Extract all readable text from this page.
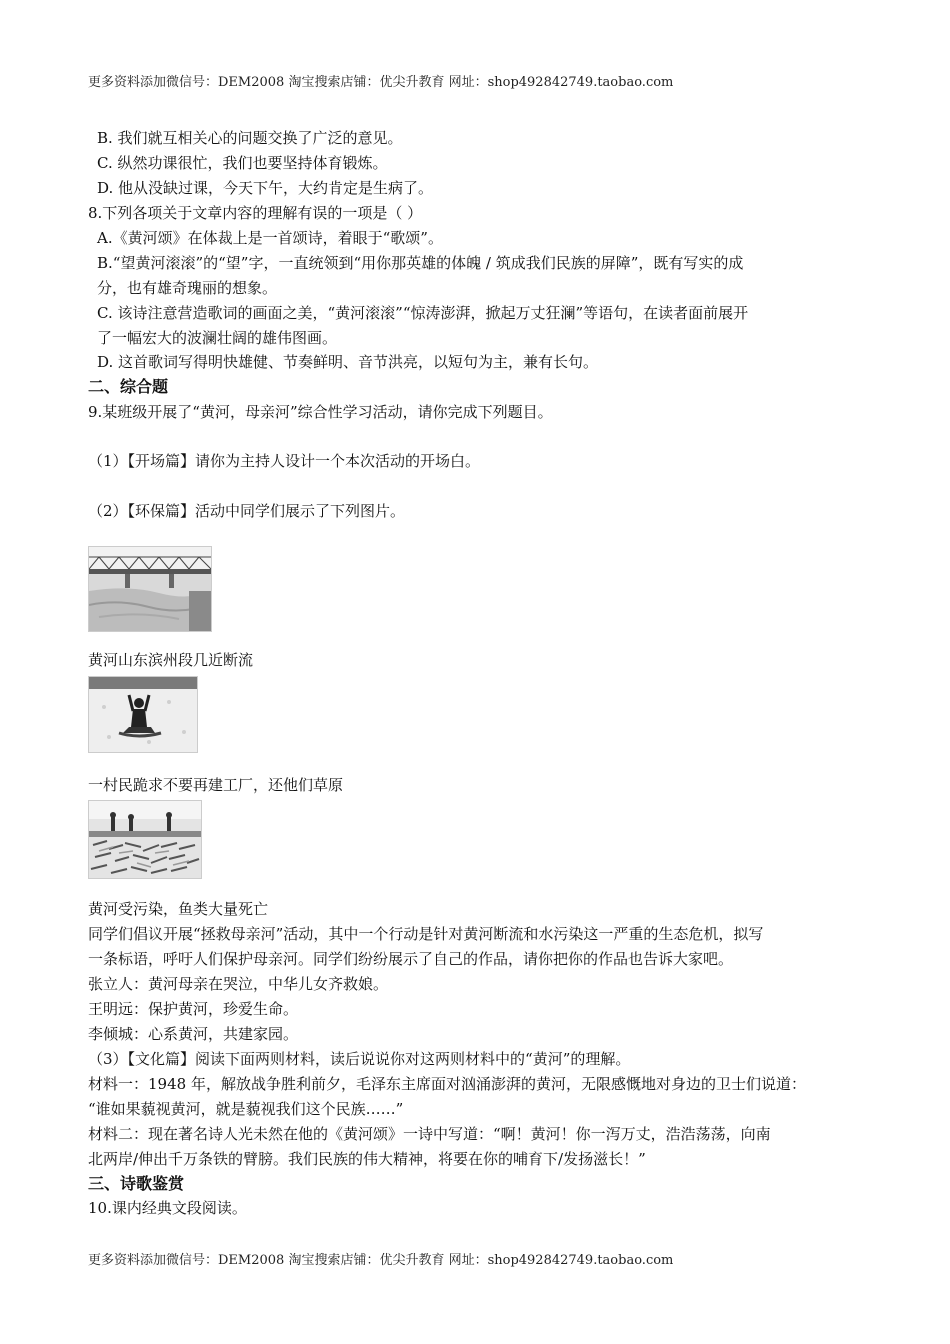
更多资料添加微信号：DEM2008 淘宝搜索店铺：优尖升教育 网址：shop492842749.taobao.com
B. 我们就互相关心的问题交换了广泛的意见。
C. 纵然功课很忙，我们也要坚持体育锻炼。
D. 他从没缺过课，今天下午，大约肯定是生病了。
8.下列各项关于文章内容的理解有误的一项是（ ）
A.《黄河颂》在体裁上是一首颂诗，着眼于“歌颂”。
B.“望黄河滚滚”的“望”字，一直统领到“用你那英雄的体魄 / 筑成我们民族的屏障”，既有写实的成
分，也有雄奇瑰丽的想象。
C. 该诗注意营造歌词的画面之美，“黄河滚滚”“惊涛澎湃，掀起万丈狂澜”等语句，在读者面前展开
了一幅宏大的波澜壮阔的雄伟图画。
D. 这首歌词写得明快雄健、节奏鲜明、音节洪亮，以短句为主，兼有长句。
二、综合题
9.某班级开展了“黄河，母亲河”综合性学习活动，请你完成下列题目。
（1）【开场篇】请你为主持人设计一个本次活动的开场白。
（2）【环保篇】活动中同学们展示了下列图片。
黄河山东滨州段几近断流
一村民跪求不要再建工厂，还他们草原
黄河受污染，鱼类大量死亡
同学们倡议开展“拯救母亲河”活动，其中一个行动是针对黄河断流和水污染这一严重的生态危机，拟写
一条标语，呼吁人们保护母亲河。同学们纷纷展示了自己的作品，请你把你的作品也告诉大家吧。
张立人：黄河母亲在哭泣，中华儿女齐救娘。
王明远：保护黄河，珍爱生命。
李倾城：心系黄河，共建家园。
（3）【文化篇】阅读下面两则材料，读后说说你对这两则材料中的“黄河”的理解。
材料一：1948 年，解放战争胜利前夕，毛泽东主席面对汹涌澎湃的黄河，无限感慨地对身边的卫士们说道：
“谁如果藐视黄河，就是藐视我们这个民族……”
材料二：现在著名诗人光未然在他的《黄河颂》一诗中写道：“啊！黄河！你一泻万丈，浩浩荡荡，向南
北两岸/伸出千万条铁的臂膀。我们民族的伟大精神，将要在你的哺育下/发扬滋长！”
三、诗歌鉴赏
10.课内经典文段阅读。
更多资料添加微信号：DEM2008 淘宝搜索店铺：优尖升教育 网址：shop492842749.taobao.com
